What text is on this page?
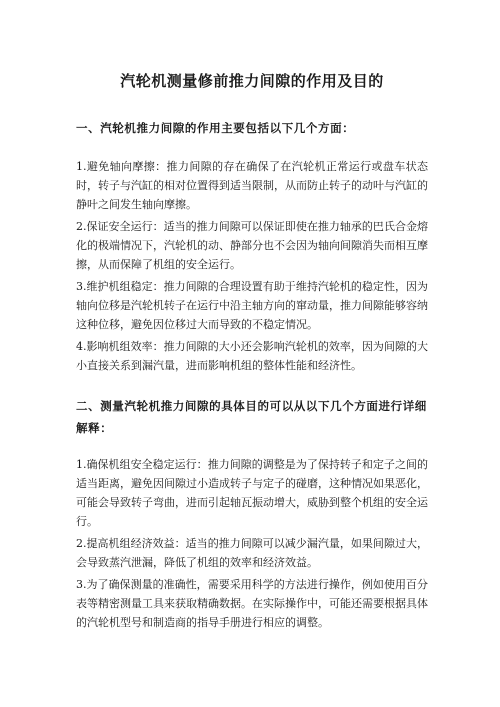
汽轮机测量修前推力间隙的作用及目的
一、汽轮机推力间隙的作用主要包括以下几个方面：

1.避免轴向摩擦：推力间隙的存在确保了在汽轮机正常运行或盘车状态时，转子与汽缸的相对位置得到适当限制，从而防止转子的动叶与汽缸的静叶之间发生轴向摩擦。

2.保证安全运行：适当的推力间隙可以保证即使在推力轴承的巴氏合金熔化的极端情况下，汽轮机的动、静部分也不会因为轴向间隙消失而相互摩擦，从而保障了机组的安全运行。

3.维护机组稳定：推力间隙的合理设置有助于维持汽轮机的稳定性，因为轴向位移是汽轮机转子在运行中沿主轴方向的窜动量，推力间隙能够容纳这种位移，避免因位移过大而导致的不稳定情况。

4.影响机组效率：推力间隙的大小还会影响汽轮机的效率，因为间隙的大小直接关系到漏汽量，进而影响机组的整体性能和经济性。

二、测量汽轮机推力间隙的具体目的可以从以下几个方面进行详细解释：

1.确保机组安全稳定运行：推力间隙的调整是为了保持转子和定子之间的适当距离，避免因间隙过小造成转子与定子的碰磨，这种情况如果恶化，可能会导致转子弯曲，进而引起轴瓦振动增大，威胁到整个机组的安全运行。

2.提高机组经济效益：适当的推力间隙可以减少漏汽量，如果间隙过大，会导致蒸汽泄漏，降低了机组的效率和经济效益。

3.为了确保测量的准确性，需要采用科学的方法进行操作，例如使用百分表等精密测量工具来获取精确数据。在实际操作中，可能还需要根据具体的汽轮机型号和制造商的指导手册进行相应的调整。
